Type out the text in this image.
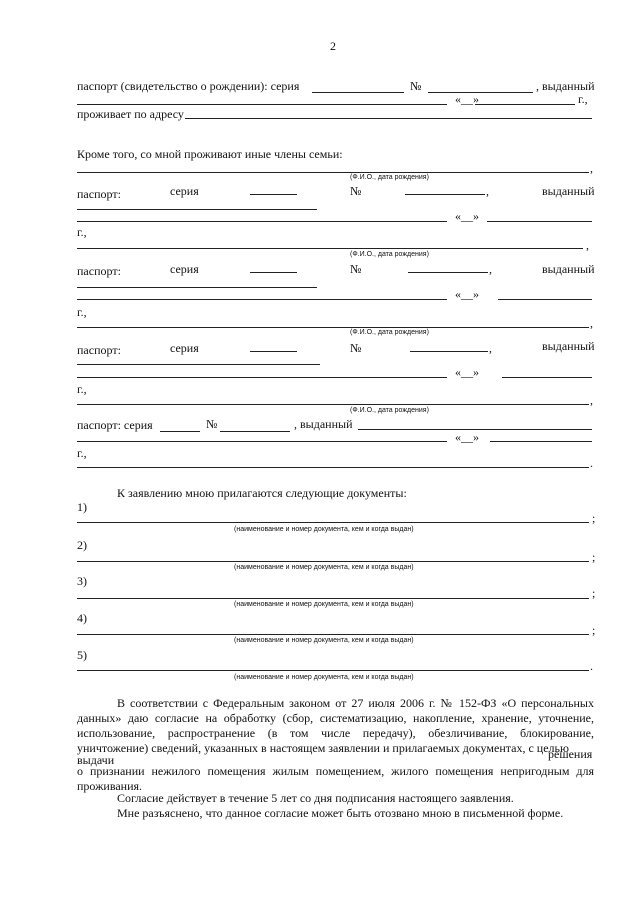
2
паспорт (свидетельство о рождении): серия	№	, выданный
«__»	г.,
проживает по адресу
Кроме того, со мной проживают иные члены семьи:
,
(Ф.И.О., дата рождения)
паспорт:	серия	№	,	выданный
«__»
г.,
,
(Ф.И.О., дата рождения)
паспорт:	серия	№	,	выданный
«__»
г.,
,
(Ф.И.О., дата рождения)
паспорт:	серия	№	,	выданный
«__»
г.,
,
(Ф.И.О., дата рождения)
паспорт: серия	№	, выданный
«__»
г.,
.
К заявлению мною прилагаются следующие документы:
1)
;
(наименование и номер документа, кем и когда выдан)
2)
;
(наименование и номер документа, кем и когда выдан)
3)
;
(наименование и номер документа, кем и когда выдан)
4)
;
(наименование и номер документа, кем и когда выдан)
5)
.
(наименование и номер документа, кем и когда выдан)
В соответствии с Федеральным законом от 27 июля 2006 г. № 152-ФЗ «О персональных данных» даю согласие на обработку (сбор, систематизацию, накопление, хранение, уточнение, использование, распространение (в том числе передачу), обезличивание, блокирование, уничтожение) сведений, указанных в настоящем заявлении и прилагаемых документах, с целью
выдачи	решения
о признании нежилого помещения жилым помещением, жилого помещения непригодным для проживания.
Согласие действует в течение 5 лет со дня подписания настоящего заявления.
Мне разъяснено, что данное согласие может быть отозвано мною в письменной форме.
